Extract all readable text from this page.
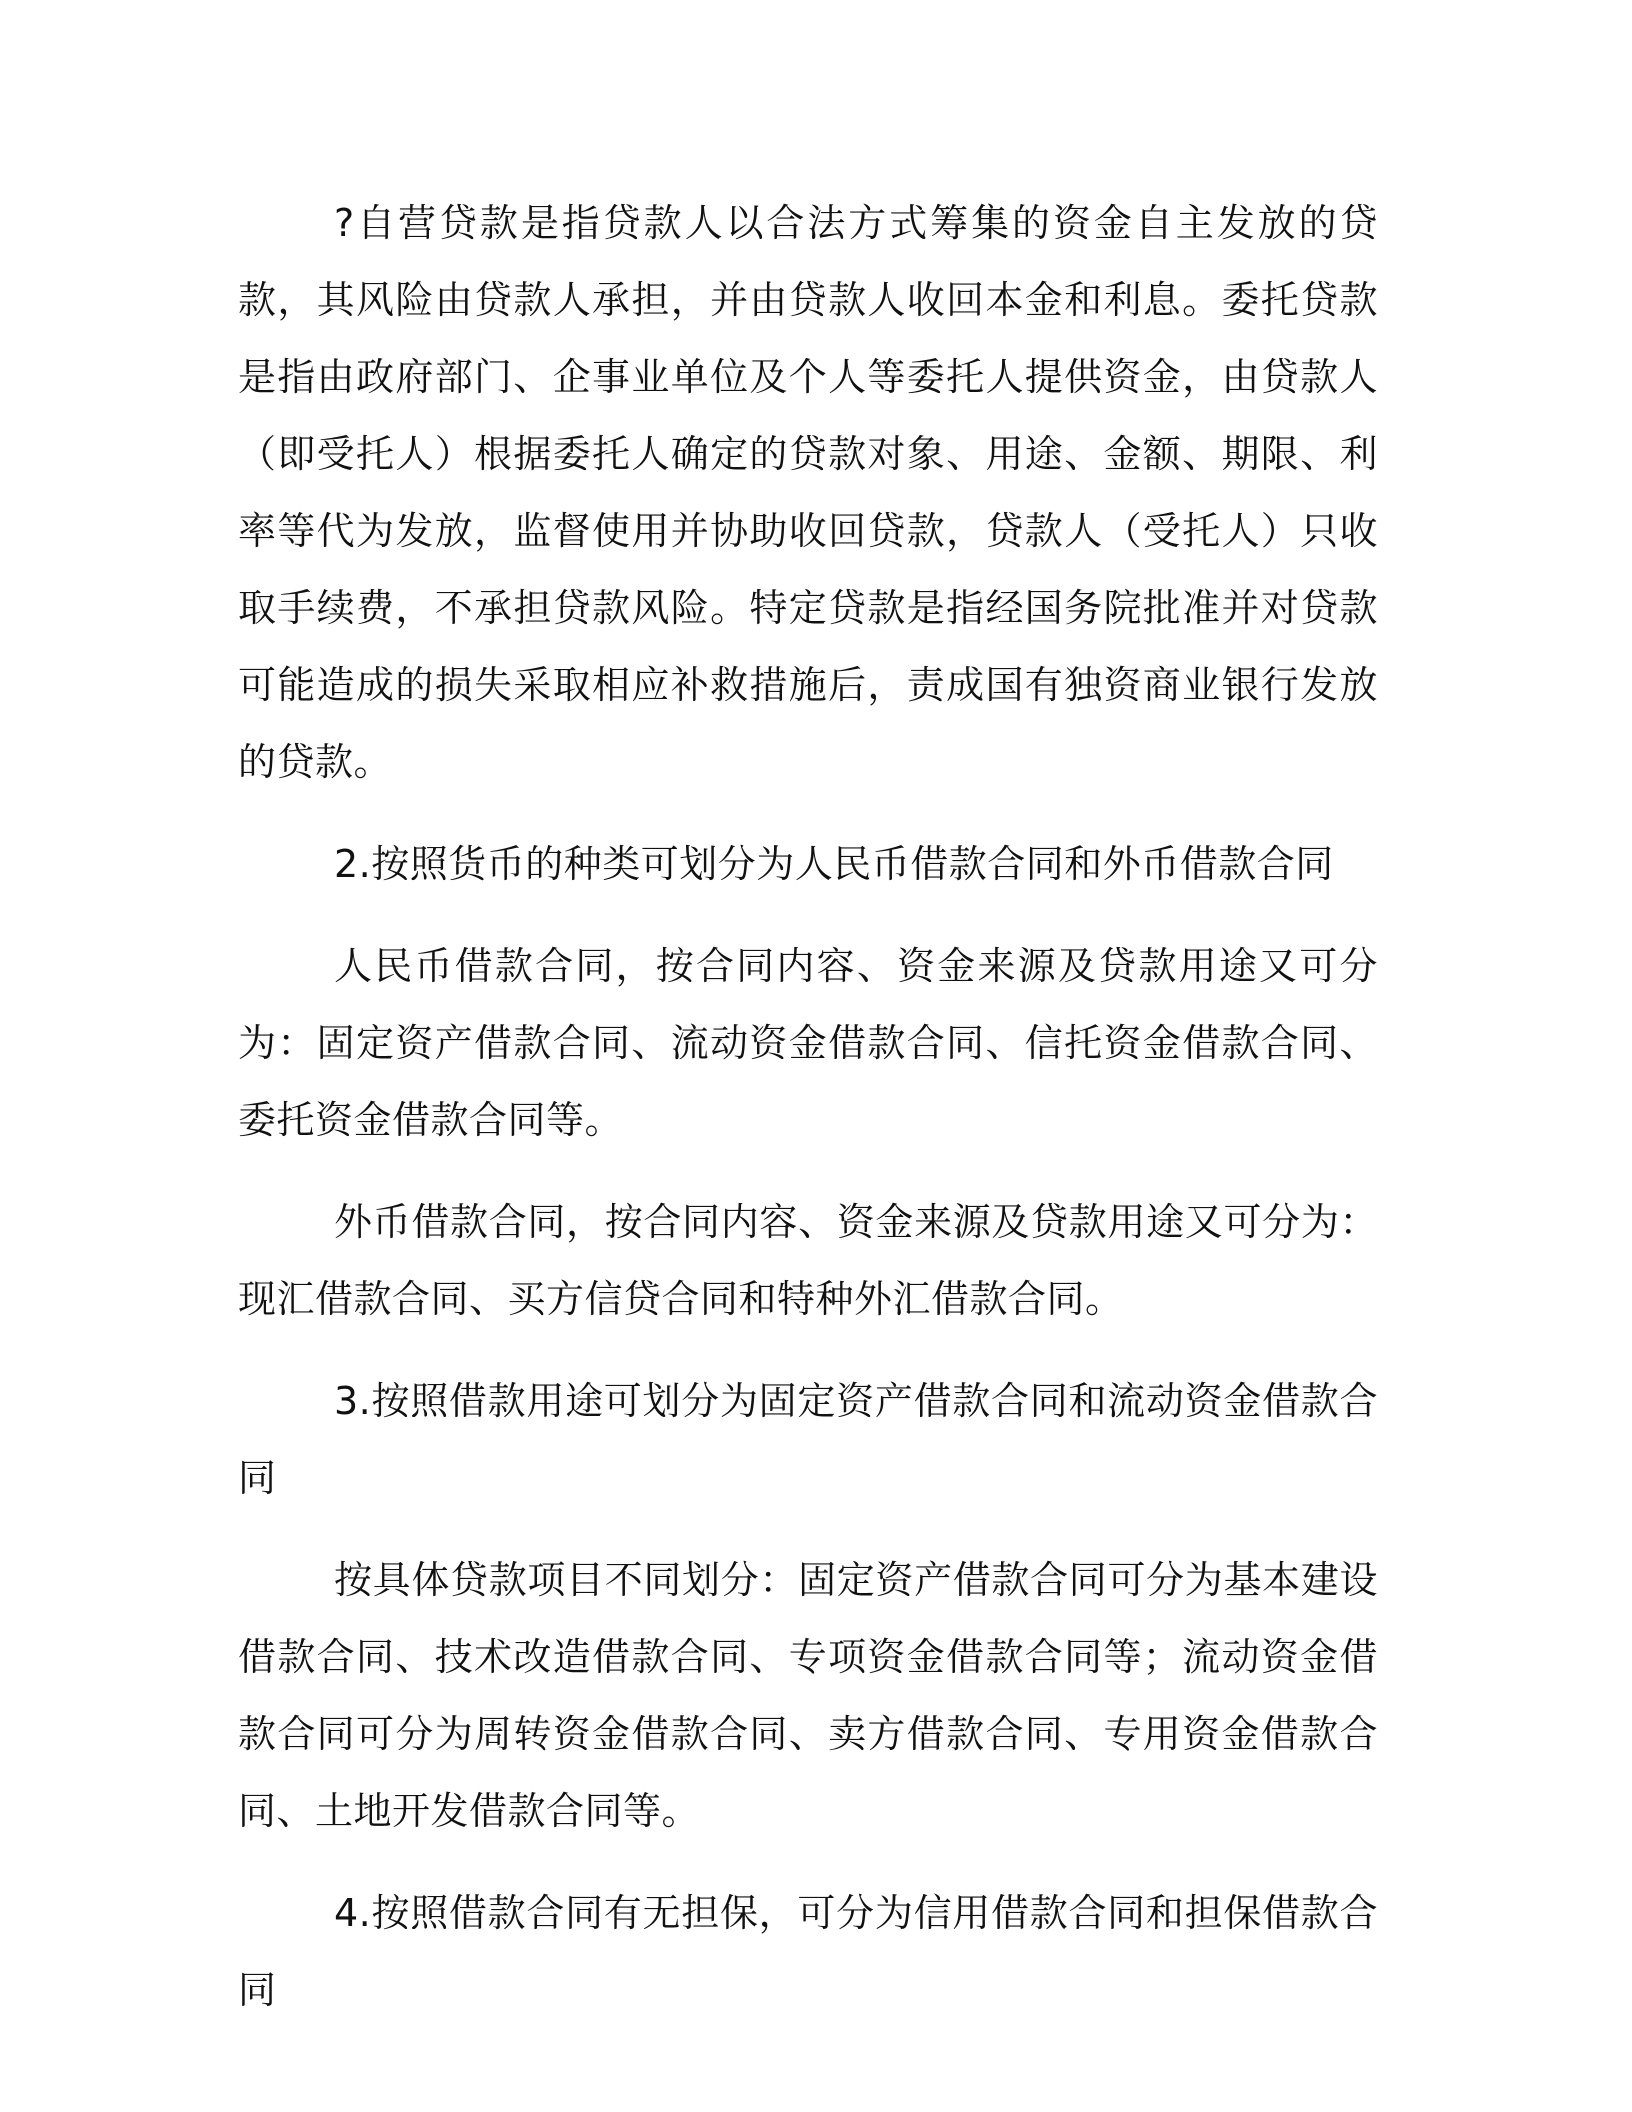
?自营贷款是指贷款人以合法方式筹集的资金自主发放的贷款，其风险由贷款人承担，并由贷款人收回本金和利息。委托贷款是指由政府部门、企事业单位及个人等委托人提供资金，由贷款人（即受托人）根据委托人确定的贷款对象、用途、金额、期限、利率等代为发放，监督使用并协助收回贷款，贷款人（受托人）只收取手续费，不承担贷款风险。特定贷款是指经国务院批准并对贷款可能造成的损失采取相应补救措施后，责成国有独资商业银行发放的贷款。

2.按照货币的种类可划分为人民币借款合同和外币借款合同

人民币借款合同，按合同内容、资金来源及贷款用途又可分为：固定资产借款合同、流动资金借款合同、信托资金借款合同、委托资金借款合同等。

外币借款合同，按合同内容、资金来源及贷款用途又可分为：现汇借款合同、买方信贷合同和特种外汇借款合同。

3.按照借款用途可划分为固定资产借款合同和流动资金借款合同

按具体贷款项目不同划分：固定资产借款合同可分为基本建设借款合同、技术改造借款合同、专项资金借款合同等；流动资金借款合同可分为周转资金借款合同、卖方借款合同、专用资金借款合同、土地开发借款合同等。

4.按照借款合同有无担保，可分为信用借款合同和担保借款合同
